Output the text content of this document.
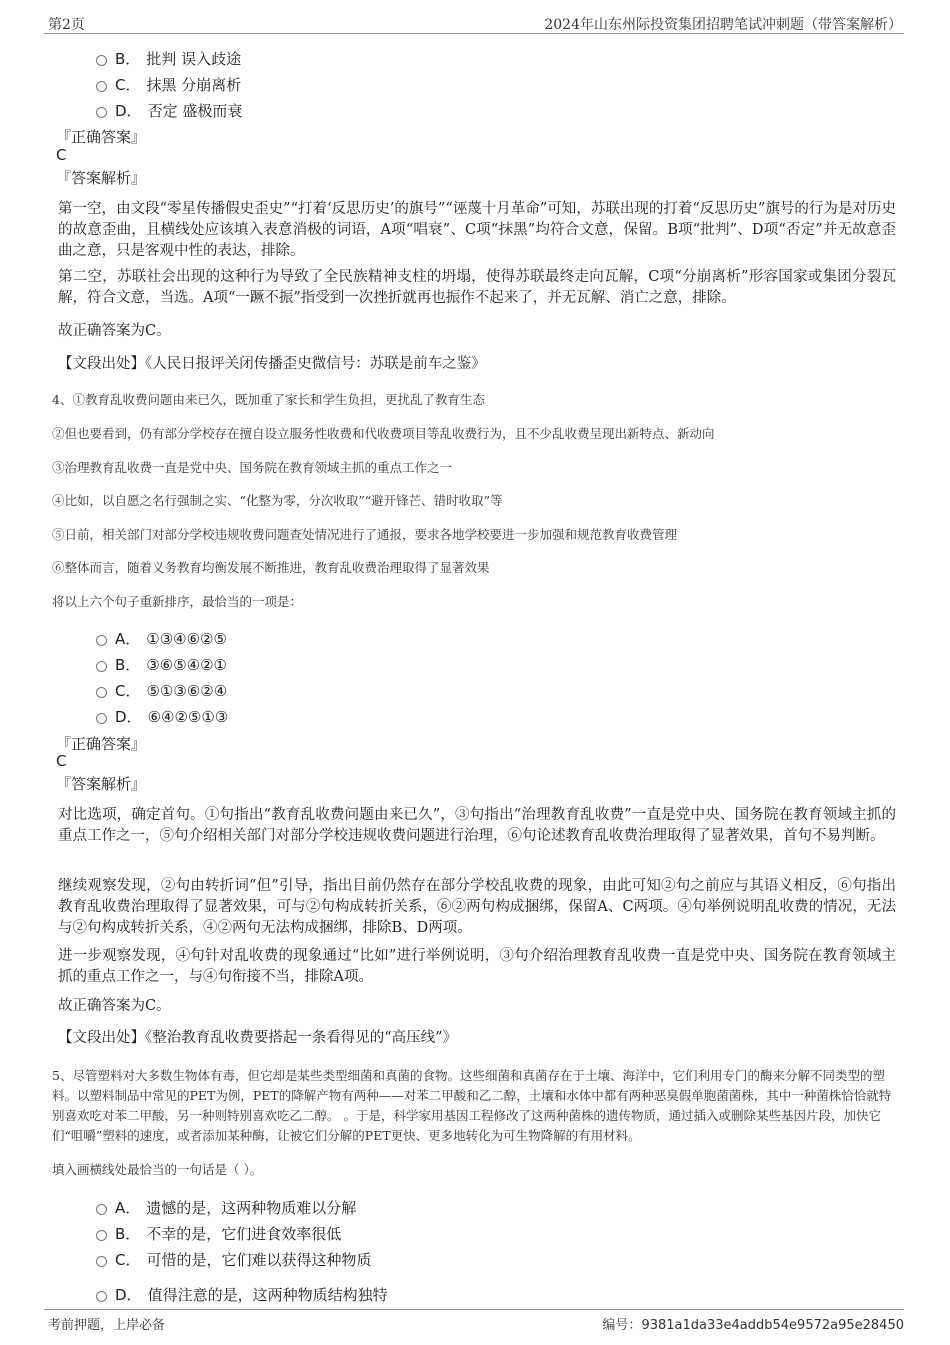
第2页	2024年山东州际投资集团招聘笔试冲刺题（带答案解析）
B． 批判 误入歧途
C． 抹黑 分崩离析
D． 否定 盛极而衰
『正确答案』
C
『答案解析』
第一空，由文段“零星传播假史歪史”“打着‘反思历史’的旗号”“诬蔑十月革命”可知，苏联出现的打着“反思历史”旗号的行为是对历史的故意歪曲，且横线处应该填入表意消极的词语，A项“唱衰”、C项“抹黑”均符合文意，保留。B项“批判”、D项“否定”并无故意歪曲之意，只是客观中性的表达，排除。
第二空，苏联社会出现的这种行为导致了全民族精神支柱的坍塌，使得苏联最终走向瓦解，C项“分崩离析”形容国家或集团分裂瓦解，符合文意，当选。A项“一蹶不振”指受到一次挫折就再也振作不起来了，并无瓦解、消亡之意，排除。
故正确答案为C。
【文段出处】《人民日报评关闭传播歪史微信号：苏联是前车之鉴》
4、①教育乱收费问题由来已久，既加重了家长和学生负担，更扰乱了教育生态
②但也要看到，仍有部分学校存在擅自设立服务性收费和代收费项目等乱收费行为，且不少乱收费呈现出新特点、新动向
③治理教育乱收费一直是党中央、国务院在教育领域主抓的重点工作之一
④比如，以自愿之名行强制之实、“化整为零，分次收取”“避开锋芒、错时收取”等
⑤日前，相关部门对部分学校违规收费问题查处情况进行了通报，要求各地学校要进一步加强和规范教育收费管理
⑥整体而言，随着义务教育均衡发展不断推进，教育乱收费治理取得了显著效果
将以上六个句子重新排序，最恰当的一项是：
A． ①③④⑥②⑤
B． ③⑥⑤④②①
C． ⑤①③⑥②④
D． ⑥④②⑤①③
『正确答案』
C
『答案解析』
对比选项，确定首句。①句指出“教育乱收费问题由来已久”，③句指出“治理教育乱收费”一直是党中央、国务院在教育领域主抓的重点工作之一，⑤句介绍相关部门对部分学校违规收费问题进行治理，⑥句论述教育乱收费治理取得了显著效果，首句不易判断。
继续观察发现，②句由转折词“但”引导，指出目前仍然存在部分学校乱收费的现象，由此可知②句之前应与其语义相反，⑥句指出教育乱收费治理取得了显著效果，可与②句构成转折关系，⑥②两句构成捆绑，保留A、C两项。④句举例说明乱收费的情况，无法与②句构成转折关系，④②两句无法构成捆绑，排除B、D两项。
进一步观察发现，④句针对乱收费的现象通过“比如”进行举例说明，③句介绍治理教育乱收费一直是党中央、国务院在教育领域主抓的重点工作之一，与④句衔接不当，排除A项。
故正确答案为C。
【文段出处】《整治教育乱收费要搭起一条看得见的“高压线”》
5、尽管塑料对大多数生物体有毒，但它却是某些类型细菌和真菌的食物。这些细菌和真菌存在于土壤、海洋中，它们利用专门的酶来分解不同类型的塑料。以塑料制品中常见的PET为例，PET的降解产物有两种——对苯二甲酸和乙二醇，土壤和水体中都有两种恶臭假单胞菌菌株，其中一种菌株恰恰就特别喜欢吃对苯二甲酸，另一种则特别喜欢吃乙二醇。 。于是，科学家用基因工程修改了这两种菌株的遗传物质，通过插入或删除某些基因片段，加快它们“咀嚼”塑料的速度，或者添加某种酶，让被它们分解的PET更快、更多地转化为可生物降解的有用材料。
填入画横线处最恰当的一句话是（ ）。
A． 遗憾的是，这两种物质难以分解
B． 不幸的是，它们进食效率很低
C． 可惜的是，它们难以获得这种物质
D． 值得注意的是，这两种物质结构独特
考前押题，上岸必备	编号：9381a1da33e4addb54e9572a95e28450
